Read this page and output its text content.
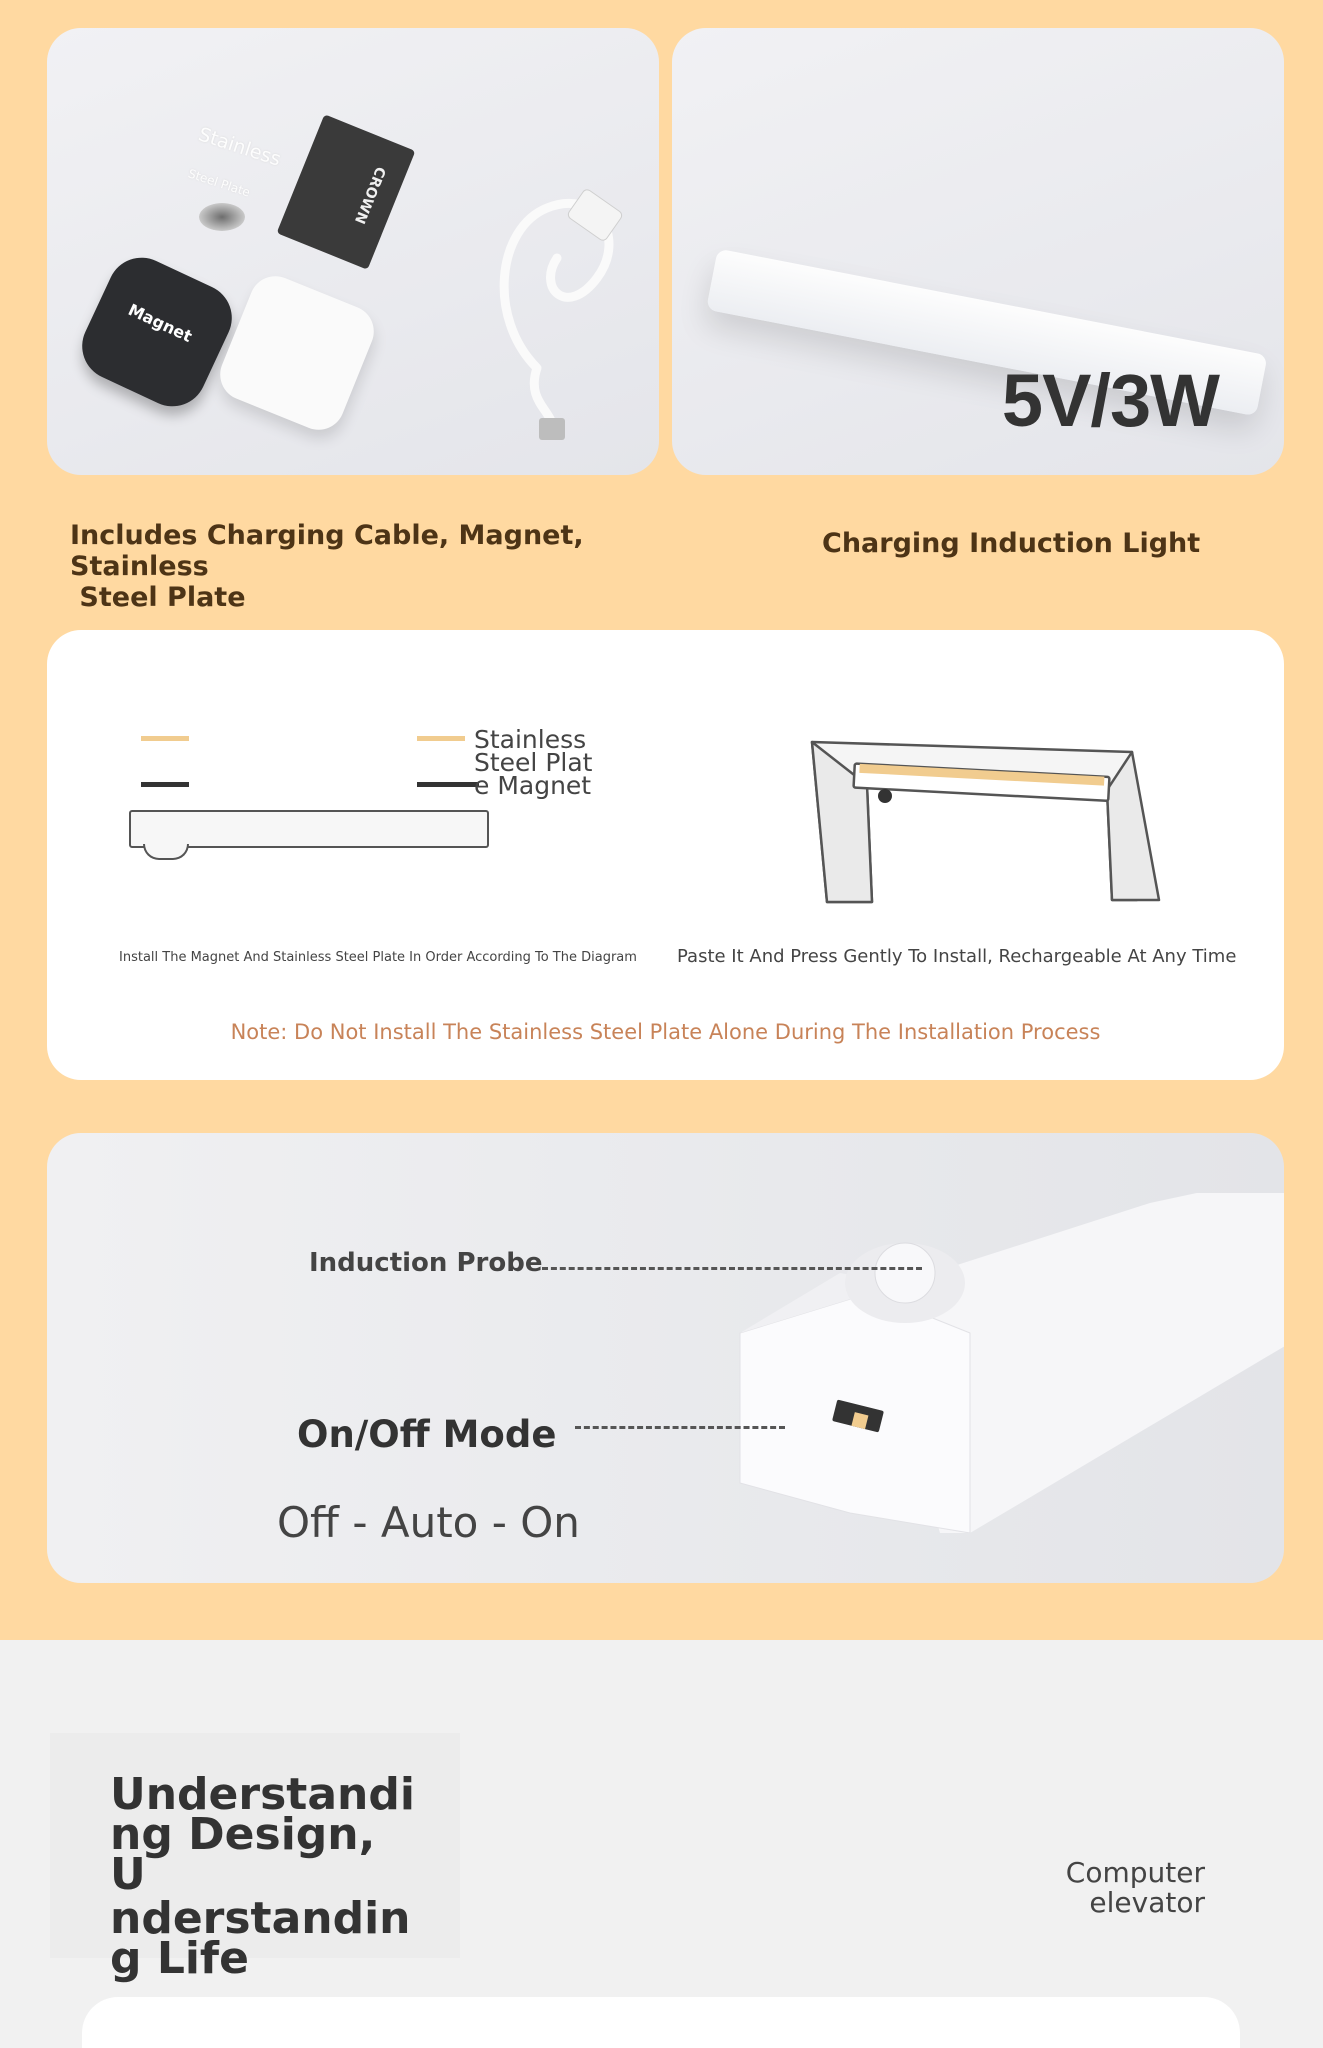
Stainless
Steel Plate	CROWN
Magnet
5V/3W
Includes Charging Cable, Magnet, Stainless
Steel Plate
Charging Induction Light
Stainless
Steel Plat
e Magnet
Install The Magnet And Stainless Steel Plate In Order According To The Diagram Paste It And Press Gently To Install, Rechargeable At Any Time
Note: Do Not Install The Stainless Steel Plate Alone During The Installation Process
Induction Probe
On/Off Mode
Off - Auto - On
Understandi
ng Design, U
nderstandin
g Life
Computer
elevator
